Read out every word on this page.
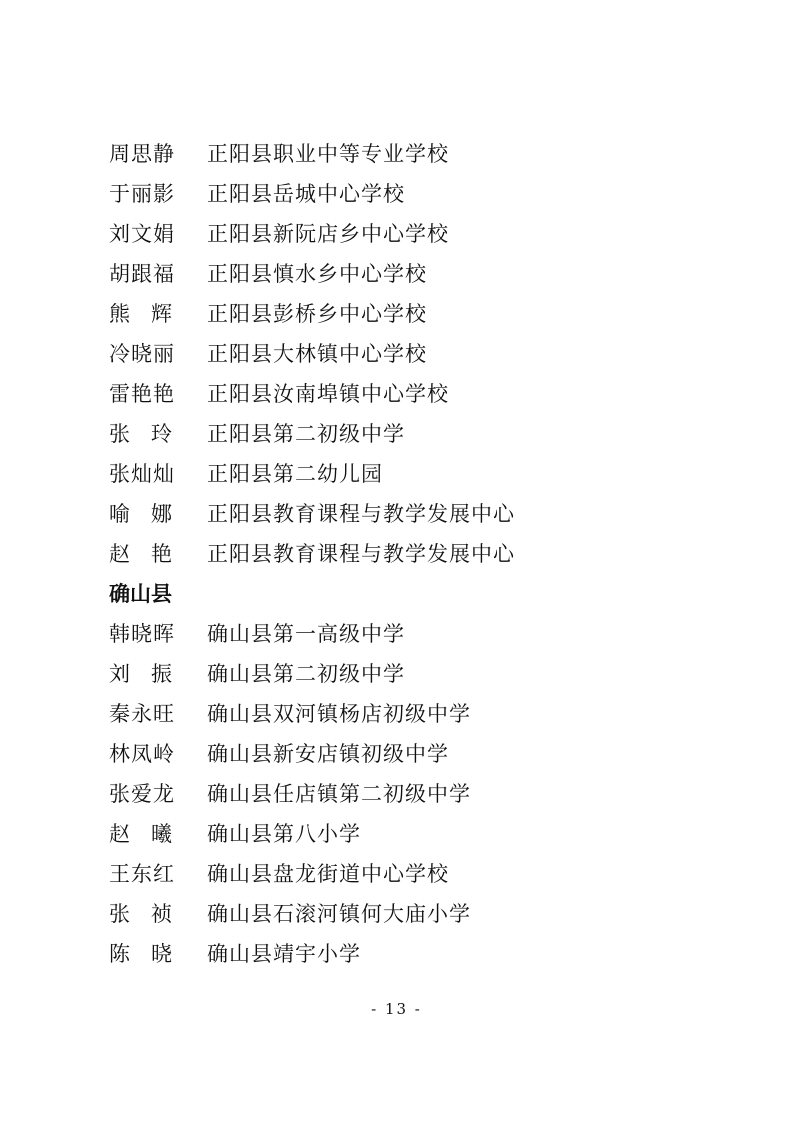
周思静	正阳县职业中等专业学校
于丽影	正阳县岳城中心学校
刘文娟	正阳县新阮店乡中心学校
胡跟福	正阳县慎水乡中心学校
熊　辉	正阳县彭桥乡中心学校
冷晓丽	正阳县大林镇中心学校
雷艳艳	正阳县汝南埠镇中心学校
张　玲	正阳县第二初级中学
张灿灿	正阳县第二幼儿园
喻　娜	正阳县教育课程与教学发展中心
赵　艳	正阳县教育课程与教学发展中心
确山县
韩晓晖	确山县第一高级中学
刘　振	确山县第二初级中学
秦永旺	确山县双河镇杨店初级中学
林凤岭	确山县新安店镇初级中学
张爱龙	确山县任店镇第二初级中学
赵　曦	确山县第八小学
王东红	确山县盘龙街道中心学校
张　祯	确山县石滚河镇何大庙小学
陈　晓	确山县靖宇小学
- 13 -
